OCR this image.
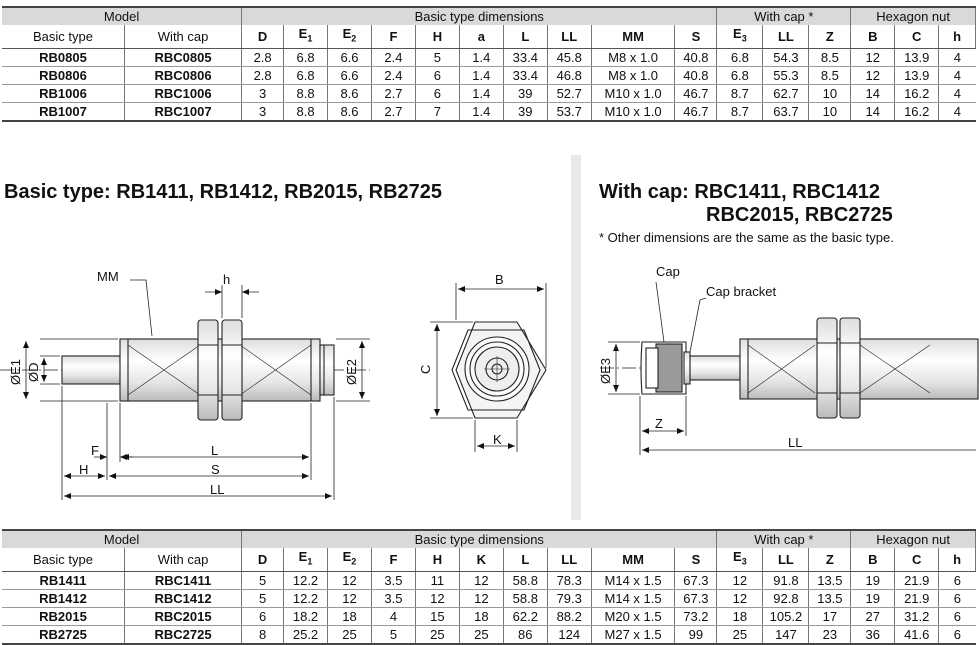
Model		Basic type dimensions										With cap *			Hexagon nut		
Basic type	With cap	D	$E_1$	$E_2$	F	H	a	L	LL	MM	S	$E_3$	LL	Z	B	C	h
RB0805	RBC0805	2.8	6.8	6.6	2.4	5	1.4	33.4	45.8	M8 x 1.0	40.8	6.8	54.3	8.5	12	13.9	4
RB0806	RBC0806	2.8	6.8	6.6	2.4	6	1.4	33.4	46.8	M8 x 1.0	40.8	6.8	55.3	8.5	12	13.9	4
RB1006	RBC1006	3	8.8	8.6	2.7	6	1.4	39	52.7	M10 x 1.0	46.7	8.7	62.7	10	14	16.2	4
RB1007	RBC1007	3	8.8	8.6	2.7	7	1.4	39	53.7	M10 x 1.0	46.7	8.7	63.7	10	14	16.2	4
Model		Basic type dimensions										With cap *			Hexagon nut		
Basic type	With cap	D	$E_1$	$E_2$	F	H	K	L	LL	MM	S	$E_3$	LL	Z	B	C	h
RB1411	RBC1411	5	12.2	12	3.5	11	12	58.8	78.3	M14 x 1.5	67.3	12	91.8	13.5	19	21.9	6
RB1412	RBC1412	5	12.2	12	3.5	12	12	58.8	79.3	M14 x 1.5	67.3	12	92.8	13.5	19	21.9	6
RB2015	RBC2015	6	18.2	18	4	15	18	62.2	88.2	M20 x 1.5	73.2	18	105.2	17	27	31.2	6
RB2725	RBC2725	8	25.2	25	5	25	25	86	124	M27 x 1.5	99	25	147	23	36	41.6	6
Basic type: RB1411, RB1412, RB2015, RB2725	With cap: RBC1411, RBC1412
RBC2015, RBC2725
* Other dimensions are the same as the basic type.
MM	h
ØE1 ØD	ØE2
F	L
H	S
LL
B
C
K
Cap
Cap bracket
ØE3
Z
LL
